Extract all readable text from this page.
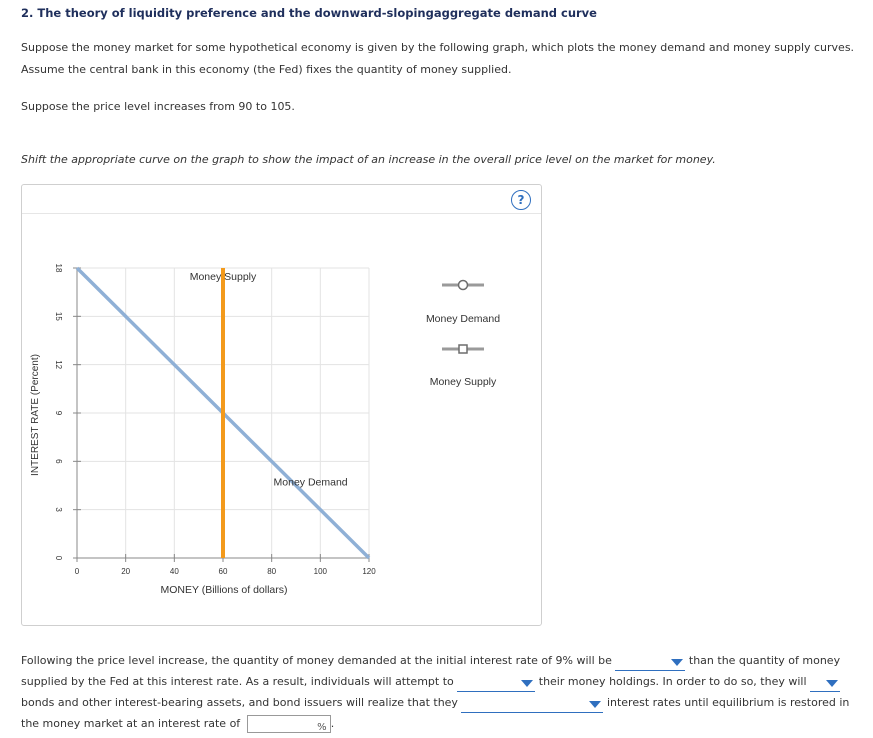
2. The theory of liquidity preference and the downward-slopingaggregate demand curve
Suppose the money market for some hypothetical economy is given by the following graph, which plots the money demand and money supply curves.
Assume the central bank in this economy (the Fed) fixes the quantity of money supplied.
Suppose the price level increases from 90 to 105.
Shift the appropriate curve on the graph to show the impact of an increase in the overall price level on the market for money.
?
0	20	40	60	80	100	120
0
3
6
9
12
15
18
Money Supply
Money Demand
INTEREST RATE (Percent)
MONEY (Billions of dollars)
Money Demand
Money Supply
Following the price level increase, the quantity of money demanded at the initial interest rate of 9% will be	than the quantity of money supplied by the Fed at this interest rate. As a result, individuals will attempt to	their money holdings. In order to do so, they will
bonds and other interest-bearing assets, and bond issuers will realize that they	interest rates until equilibrium is restored in the money market at an interest rate of	% .
